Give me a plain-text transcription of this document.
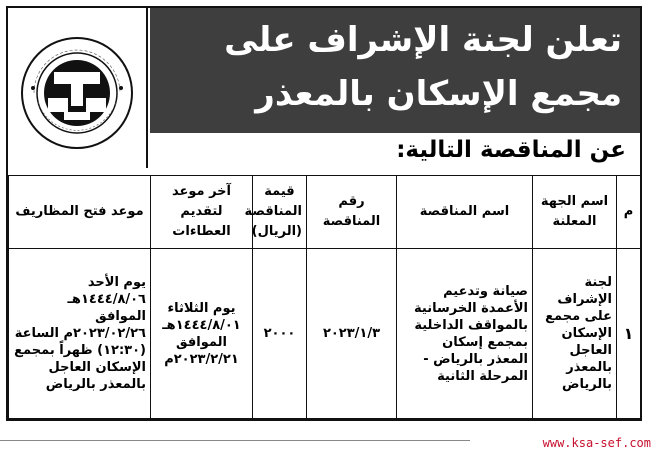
تعلن لجنة الإشراف على
مجمع الإسكان بالمعذر
عن المناقصة التالية:
م	اسم الجهة المعلنة	اسم المناقصة	رقم المناقصة	قيمة المناقصة (الريال)	آخر موعد لتقديم العطاءات	موعد فتح المظاريف
١	لجنة الإشراف على مجمع الإسكان العاجل بالمعذر بالرياض	صيانة وتدعيم الأعمدة الخرسانية بالمواقف الداخلية بمجمع إسكان المعذر بالرياض - المرحلة الثانية	٢٠٢٣/١/٣	٢٠٠٠	يوم الثلاثاء ١٤٤٤/٨/٠١هـ الموافق ٢٠٢٣/٢/٢١م	يوم الأحد ١٤٤٤/٨/٠٦هـ الموافق ٢٠٢٣/٠٢/٢٦م الساعة (١٢:٣٠) ظهراً بمجمع الإسكان العاجل بالمعذر بالرياض
www.ksa-sef.com
